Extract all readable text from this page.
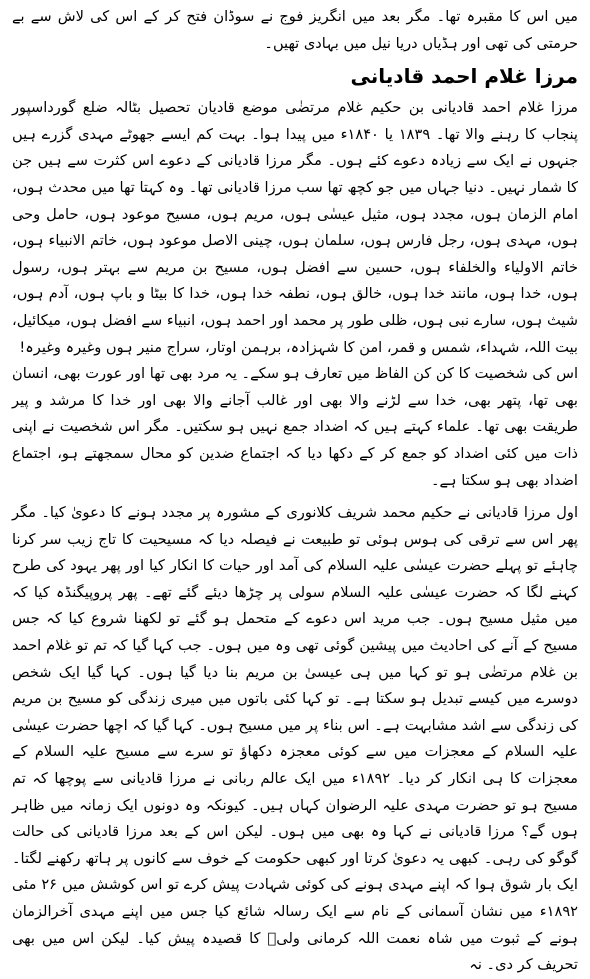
میں اس کا مقبرہ تھا۔ مگر بعد میں انگریز فوج نے سوڈان فتح کر کے اس کی لاش سے بے حرمتی کی تھی اور ہڈیاں دریا نیل میں بہادی تھیں۔

مرزا غلام احمد قادیانی

مرزا غلام احمد قادیانی بن حکیم غلام مرتضٰی موضع قادیان تحصیل بٹالہ ضلع گورداسپور پنجاب کا رہنے والا تھا۔ ۱۸۳۹ یا ۱۸۴۰ء میں پیدا ہوا۔ بہت کم ایسے جھوٹے مہدی گزرے ہیں جنہوں نے ایک سے زیادہ دعوے کئے ہوں۔ مگر مرزا قادیانی کے دعوے اس کثرت سے ہیں جن کا شمار نہیں۔ دنیا جہاں میں جو کچھ تھا سب مرزا قادیانی تھا۔ وہ کہتا تھا میں محدث ہوں، امام الزمان ہوں، مجدد ہوں، مثیل عیسٰی ہوں، مریم ہوں، مسیح موعود ہوں، حامل وحی ہوں، مہدی ہوں، رجل فارس ہوں، سلمان ہوں، چینی الاصل موعود ہوں، خاتم الانبیاء ہوں، خاتم الاولیاء والخلفاء ہوں، حسین سے افضل ہوں، مسیح بن مریم سے بہتر ہوں، رسول ہوں، خدا ہوں، مانند خدا ہوں، خالق ہوں، نطفہ خدا ہوں، خدا کا بیٹا و باپ ہوں، آدم ہوں، شیث ہوں، سارے نبی ہوں، ظلی طور پر محمد اور احمد ہوں، انبیاء سے افضل ہوں، میکائیل، بیت اللہ، شہداء، شمس و قمر، امن کا شہزادہ، برہمن اوتار، سراج منیر ہوں وغیرہ وغیرہ!

اس کی شخصیت کا کن کن الفاظ میں تعارف ہو سکے۔ یہ مرد بھی تھا اور عورت بھی، انسان بھی تھا، پتھر بھی، خدا سے لڑنے والا بھی اور غالب آجانے والا بھی اور خدا کا مرشد و پیر طریقت بھی تھا۔ علماء کہتے ہیں کہ اضداد جمع نہیں ہو سکتیں۔ مگر اس شخصیت نے اپنی ذات میں کئی اضداد کو جمع کر کے دکھا دیا کہ اجتماع ضدین کو محال سمجھتے ہو، اجتماع اضداد بھی ہو سکتا ہے۔

اول مرزا قادیانی نے حکیم محمد شریف کلانوری کے مشورہ پر مجدد ہونے کا دعویٰ کیا۔ مگر پھر اس سے ترقی کی ہوس ہوئی تو طبیعت نے فیصلہ دیا کہ مسیحیت کا تاج زیب سر کرنا چاہئے تو پہلے حضرت عیسٰی علیہ السلام کی آمد اور حیات کا انکار کیا اور پھر یہود کی طرح کہنے لگا کہ حضرت عیسٰی علیہ السلام سولی پر چڑھا دیئے گئے تھے۔ پھر پروپیگنڈہ کیا کہ میں مثیل مسیح ہوں۔ جب مرید اس دعوے کے متحمل ہو گئے تو لکھنا شروع کیا کہ جس مسیح کے آنے کی احادیث میں پیشین گوئی تھی وہ میں ہوں۔ جب کہا گیا کہ تم تو غلام احمد بن غلام مرتضٰی ہو تو کہا میں ہی عیسیٰ بن مریم بنا دیا گیا ہوں۔ کہا گیا ایک شخص دوسرے میں کیسے تبدیل ہو سکتا ہے۔ تو کہا کئی باتوں میں میری زندگی کو مسیح بن مریم کی زندگی سے اشد مشابہت ہے۔ اس بناء پر میں مسیح ہوں۔ کہا گیا کہ اچھا حضرت عیسٰی علیہ السلام کے معجزات میں سے کوئی معجزہ دکھاؤ تو سرے سے مسیح علیہ السلام کے معجزات کا ہی انکار کر دیا۔ ۱۸۹۲ء میں ایک عالم ربانی نے مرزا قادیانی سے پوچھا کہ تم مسیح ہو تو حضرت مہدی علیہ الرضوان کہاں ہیں۔ کیونکہ وہ دونوں ایک زمانہ میں ظاہر ہوں گے؟ مرزا قادیانی نے کہا وہ بھی میں ہوں۔ لیکن اس کے بعد مرزا قادیانی کی حالت گوگو کی رہی۔ کبھی یہ دعویٰ کرتا اور کبھی حکومت کے خوف سے کانوں پر ہاتھ رکھنے لگتا۔ ایک بار شوق ہوا کہ اپنے مہدی ہونے کی کوئی شہادت پیش کرے تو اس کوشش میں ۲۶ مئی ۱۸۹۲ء میں نشان آسمانی کے نام سے ایک رسالہ شائع کیا جس میں اپنے مہدی آخرالزمان ہونے کے ثبوت میں شاہ نعمت اللہ کرمانی ولیؒ کا قصیدہ پیش کیا۔ لیکن اس میں بھی تحریف کر دی۔ نہ
